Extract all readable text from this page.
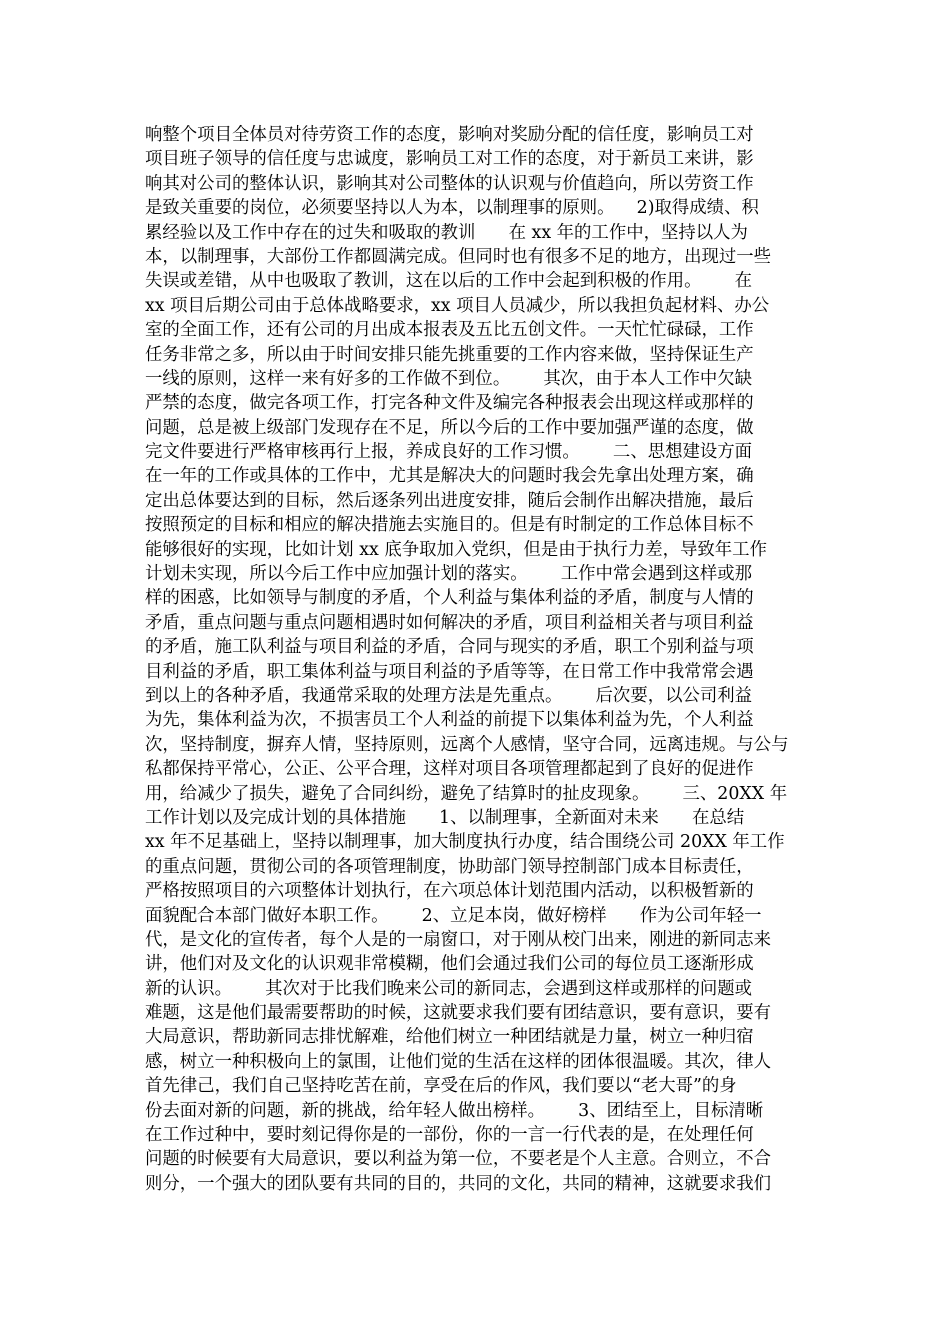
响整个项目全体员对待劳资工作的态度，影响对奖励分配的信任度，影响员工对
项目班子领导的信任度与忠诚度，影响员工对工作的态度，对于新员工来讲，影
响其对公司的整体认识，影响其对公司整体的认识观与价值趋向，所以劳资工作
是致关重要的岗位，必须要坚持以人为本，以制理事的原则。    2)取得成绩、积
累经验以及工作中存在的过失和吸取的教训      在 xx 年的工作中，坚持以人为
本，以制理事，大部份工作都圆满完成。但同时也有很多不足的地方，出现过一些
失误或差错，从中也吸取了教训，这在以后的工作中会起到积极的作用。      在
xx 项目后期公司由于总体战略要求，xx 项目人员减少，所以我担负起材料、办公
室的全面工作，还有公司的月出成本报表及五比五创文件。一天忙忙碌碌，工作
任务非常之多，所以由于时间安排只能先挑重要的工作内容来做，坚持保证生产
一线的原则，这样一来有好多的工作做不到位。      其次，由于本人工作中欠缺
严禁的态度，做完各项工作，打完各种文件及编完各种报表会出现这样或那样的
问题，总是被上级部门发现存在不足，所以今后的工作中要加强严谨的态度，做
完文件要进行严格审核再行上报，养成良好的工作习惯。      二、思想建设方面
在一年的工作或具体的工作中，尤其是解决大的问题时我会先拿出处理方案，确
定出总体要达到的目标，然后逐条列出进度安排，随后会制作出解决措施，最后
按照预定的目标和相应的解决措施去实施目的。但是有时制定的工作总体目标不
能够很好的实现，比如计划 xx 底争取加入党织，但是由于执行力差，导致年工作
计划未实现，所以今后工作中应加强计划的落实。      工作中常会遇到这样或那
样的困惑，比如领导与制度的矛盾，个人利益与集体利益的矛盾，制度与人情的
矛盾，重点问题与重点问题相遇时如何解决的矛盾，项目利益相关者与项目利益
的矛盾，施工队利益与项目利益的矛盾，合同与现实的矛盾，职工个别利益与项
目利益的矛盾，职工集体利益与项目利益的予盾等等，在日常工作中我常常会遇
到以上的各种矛盾，我通常采取的处理方法是先重点。      后次要，以公司利益
为先，集体利益为次，不损害员工个人利益的前提下以集体利益为先，个人利益
次，坚持制度，摒弃人情，坚持原则，远离个人感情，坚守合同，远离违规。与公与
私都保持平常心，公正、公平合理，这样对项目各项管理都起到了良好的促进作
用，给减少了损失，避免了合同纠纷，避免了结算时的扯皮现象。      三、20XX 年
工作计划以及完成计划的具体措施      1、以制理事，全新面对未来      在总结
xx 年不足基础上，坚持以制理事，加大制度执行办度，结合围绕公司 20XX 年工作
的重点问题，贯彻公司的各项管理制度，协助部门领导控制部门成本目标责任，
严格按照项目的六项整体计划执行，在六项总体计划范围内活动，以积极暂新的
面貌配合本部门做好本职工作。      2、立足本岗，做好榜样      作为公司年轻一
代，是文化的宣传者，每个人是的一扇窗口，对于刚从校门出来，刚进的新同志来
讲，他们对及文化的认识观非常模糊，他们会通过我们公司的每位员工逐渐形成
新的认识。      其次对于比我们晚来公司的新同志，会遇到这样或那样的问题或
难题，这是他们最需要帮助的时候，这就要求我们要有团结意识，要有意识，要有
大局意识，帮助新同志排忧解难，给他们树立一种团结就是力量，树立一种归宿
感，树立一种积极向上的氯围，让他们觉的生活在这样的团体很温暖。其次，律人
首先律己，我们自己坚持吃苦在前，享受在后的作风，我们要以“老大哥”的身
份去面对新的问题，新的挑战，给年轻人做出榜样。      3、团结至上，目标清晰
在工作过种中，要时刻记得你是的一部份，你的一言一行代表的是，在处理任何
问题的时候要有大局意识，要以利益为第一位，不要老是个人主意。合则立，不合
则分，一个强大的团队要有共同的目的，共同的文化，共同的精神，这就要求我们
